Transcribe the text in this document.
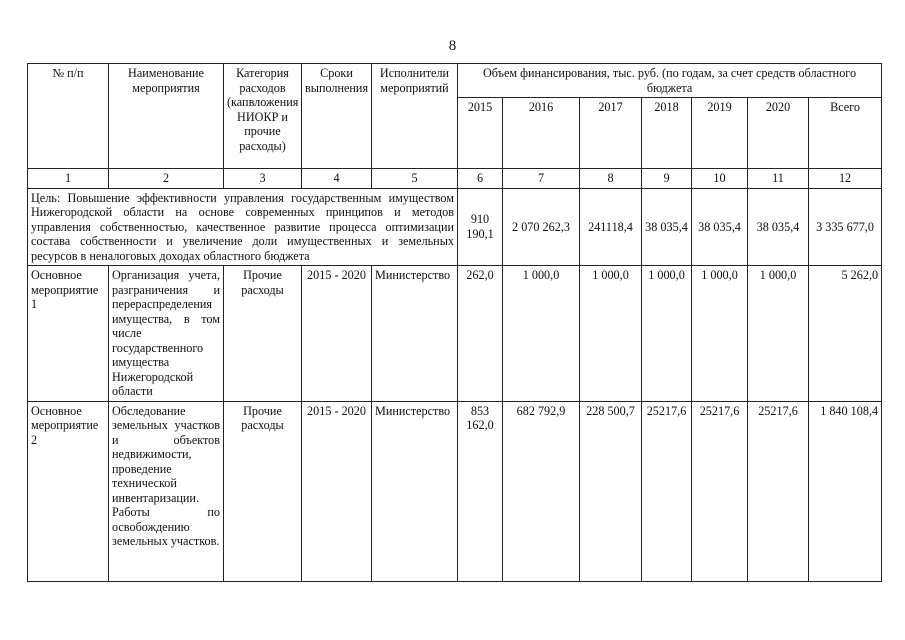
8
№ п/п	Наименование мероприятия	Категория расходов (капвложения НИОКР и прочие расходы)	Сроки выполнения	Исполнители мероприятий	Объем финансирования, тыс. руб. (по годам, за счет средств областного бюджета						
					2015	2016	2017	2018	2019	2020	Всего
1	2	3	4	5	6	7	8	9	10	11	12
Цель: Повышение эффективности управления государственным имуществом Нижегородской области на основе современных принципов и методов управления собственностью, качественное развитие процесса оптимизации состава собственности и увеличение доли имущественных и земельных ресурсов в неналоговых доходах областного бюджета					910 190,1	2 070 262,3	241118,4	38 035,4	38 035,4	38 035,4	3 335 677,0
Основное мероприятие 1	Организация учета, разграничения и перераспределения имущества, в том числе государственного имущества Нижегородской области	Прочие расходы	2015 - 2020	Министерство	262,0	1 000,0	1 000,0	1 000,0	1 000,0	1 000,0	5 262,0
Основное мероприятие 2	Обследование земельных участков и объектов недвижимости, проведение технической инвентаризации. Работы по освобождению земельных участков.	Прочие расходы	2015 - 2020	Министерство	853 162,0	682 792,9	228 500,7	25217,6	25217,6	25217,6	1 840 108,4
